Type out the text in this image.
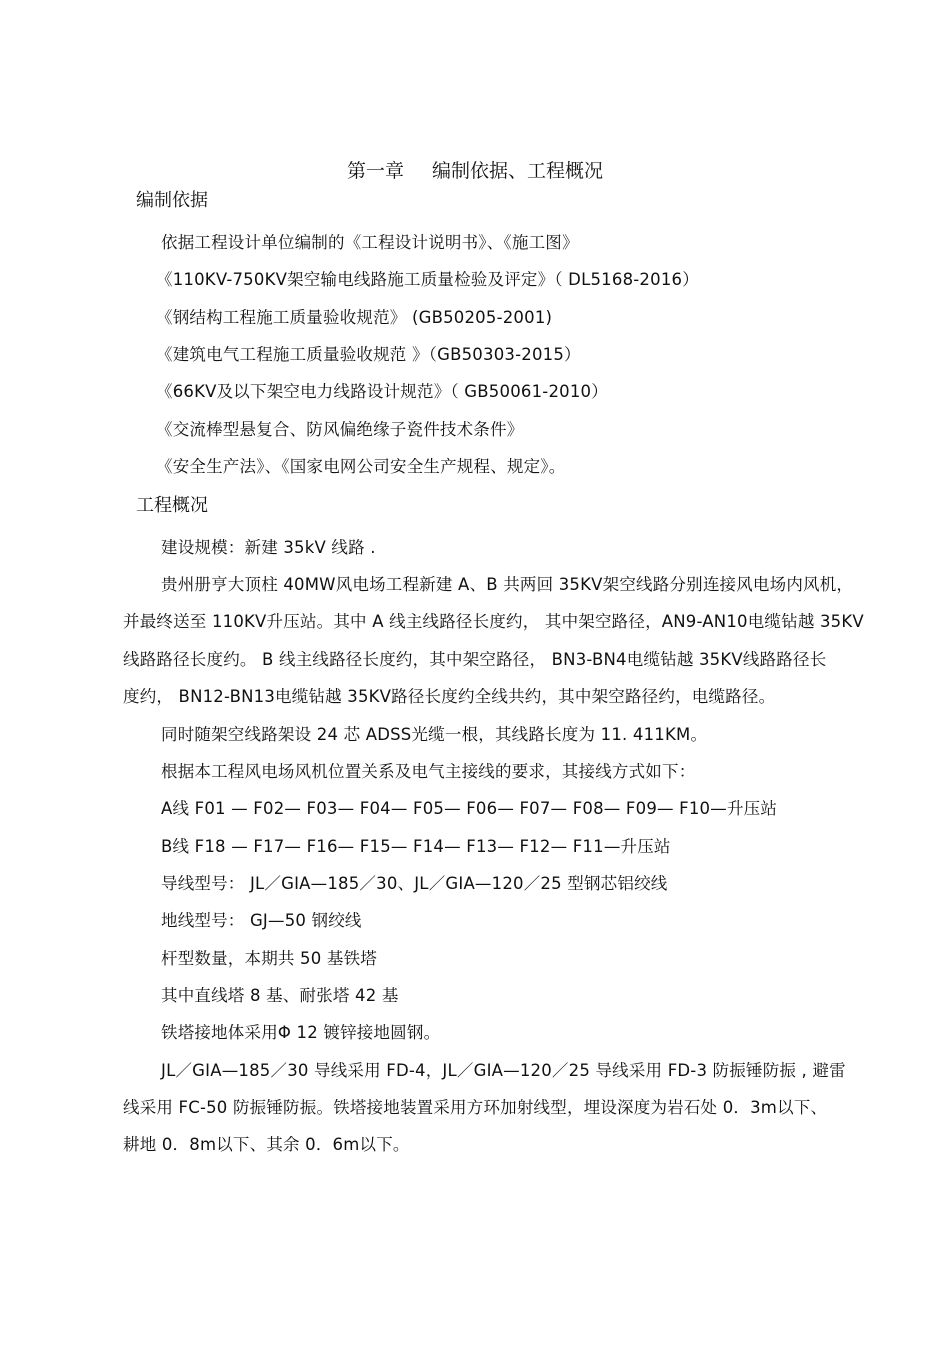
第一章 编制依据、工程概况
编制依据
依据工程设计单位编制的《工程设计说明书》、《施工图》
《110KV-750KV架空输电线路施工质量检验及评定》（ DL5168-2016）
《钢结构工程施工质量验收规范》 (GB50205-2001)
《建筑电气工程施工质量验收规范 》（GB50303-2015）
《66KV及以下架空电力线路设计规范》（ GB50061-2010）
《交流棒型悬复合、防风偏绝缘子瓷件技术条件》
《安全生产法》、《国家电网公司安全生产规程、规定》。
工程概况
建设规模：新建 35kV 线路 .
贵州册亨大顶柱 40MW风电场工程新建 A、B 共两回 35KV架空线路分别连接风电场内风机，
并最终送至 110KV升压站。其中 A 线主线路径长度约， 其中架空路径，AN9-AN10电缆钻越 35KV
线路路径长度约。 B 线主线路径长度约，其中架空路径， BN3-BN4电缆钻越 35KV线路路径长
度约， BN12-BN13电缆钻越 35KV路径长度约全线共约，其中架空路径约，电缆路径。
同时随架空线路架设 24 芯 ADSS光缆一根，其线路长度为 11. 411KM。
根据本工程风电场风机位置关系及电气主接线的要求，其接线方式如下：
A线 F01 — F02— F03— F04— F05— F06— F07— F08— F09— F10—升压站
B线 F18 — F17— F16— F15— F14— F13— F12— F11—升压站
导线型号： JL／GIA—185／30、JL／GIA—120／25 型钢芯铝绞线
地线型号： GJ—50 钢绞线
杆型数量，本期共 50 基铁塔
其中直线塔 8 基、耐张塔 42 基
铁塔接地体采用Φ 12 镀锌接地圆钢。
JL／GIA—185／30 导线采用 FD-4，JL／GIA—120／25 导线采用 FD-3 防振锤防振 , 避雷
线采用 FC-50 防振锤防振。铁塔接地装置采用方环加射线型，埋设深度为岩石处 0．3m以下、
耕地 0．8m以下、其余 0．6m以下。
